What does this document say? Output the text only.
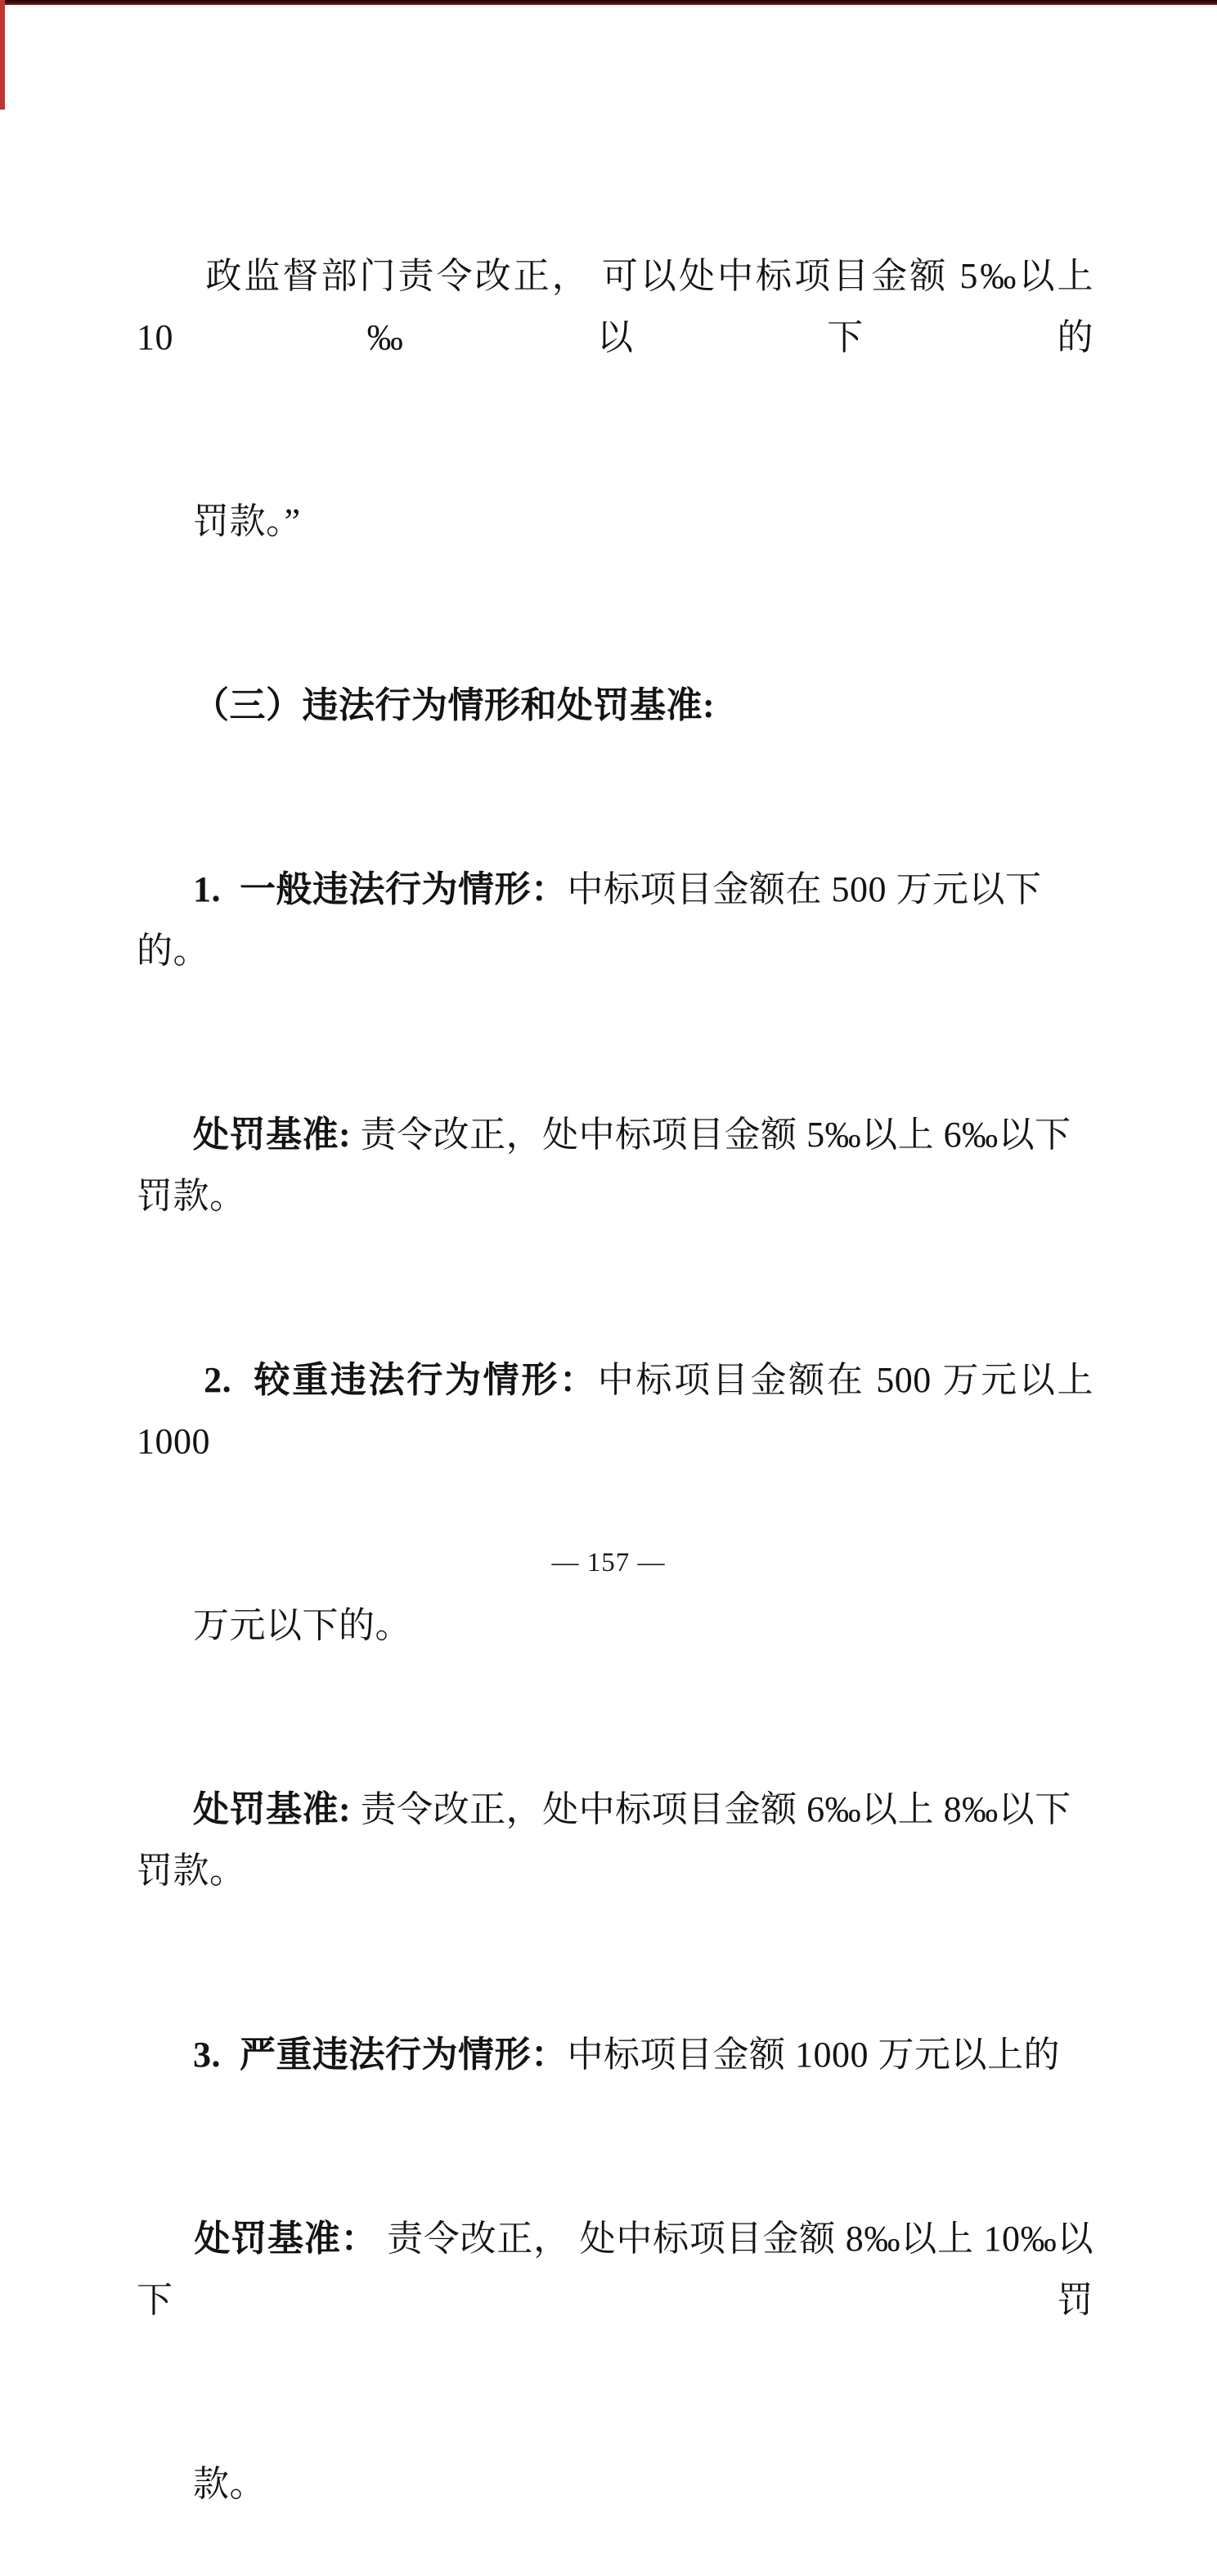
政监督部门责令改正， 可以处中标项目金额 5‰以上 10‰以下的

罚款。”

（三）违法行为情形和处罚基准:

1.  一般违法行为情形：中标项目金额在 500 万元以下的。

处罚基准: 责令改正，处中标项目金额 5‰以上 6‰以下罚款。

2.  较重违法行为情形：中标项目金额在 500 万元以上 1000

万元以下的。

处罚基准: 责令改正，处中标项目金额 6‰以上 8‰以下罚款。

3.  严重违法行为情形：中标项目金额 1000 万元以上的

处罚基准： 责令改正， 处中标项目金额 8‰以上 10‰以下罚

款。

— 157 —
